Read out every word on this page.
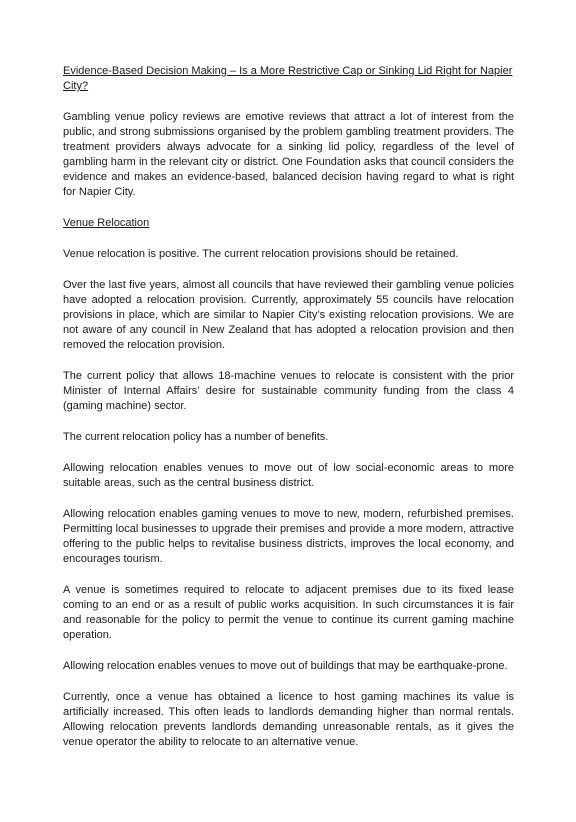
Evidence-Based Decision Making – Is a More Restrictive Cap or Sinking Lid Right for Napier City?

Gambling venue policy reviews are emotive reviews that attract a lot of interest from the public, and strong submissions organised by the problem gambling treatment providers. The treatment providers always advocate for a sinking lid policy, regardless of the level of gambling harm in the relevant city or district. One Foundation asks that council considers the evidence and makes an evidence-based, balanced decision having regard to what is right for Napier City.

Venue Relocation

Venue relocation is positive. The current relocation provisions should be retained.

Over the last five years, almost all councils that have reviewed their gambling venue policies have adopted a relocation provision. Currently, approximately 55 councils have relocation provisions in place, which are similar to Napier City’s existing relocation provisions. We are not aware of any council in New Zealand that has adopted a relocation provision and then removed the relocation provision.

The current policy that allows 18-machine venues to relocate is consistent with the prior Minister of Internal Affairs’ desire for sustainable community funding from the class 4 (gaming machine) sector.

The current relocation policy has a number of benefits.

Allowing relocation enables venues to move out of low social-economic areas to more suitable areas, such as the central business district.

Allowing relocation enables gaming venues to move to new, modern, refurbished premises. Permitting local businesses to upgrade their premises and provide a more modern, attractive offering to the public helps to revitalise business districts, improves the local economy, and encourages tourism.

A venue is sometimes required to relocate to adjacent premises due to its fixed lease coming to an end or as a result of public works acquisition. In such circumstances it is fair and reasonable for the policy to permit the venue to continue its current gaming machine operation.

Allowing relocation enables venues to move out of buildings that may be earthquake-prone.

Currently, once a venue has obtained a licence to host gaming machines its value is artificially increased. This often leads to landlords demanding higher than normal rentals. Allowing relocation prevents landlords demanding unreasonable rentals, as it gives the venue operator the ability to relocate to an alternative venue.
